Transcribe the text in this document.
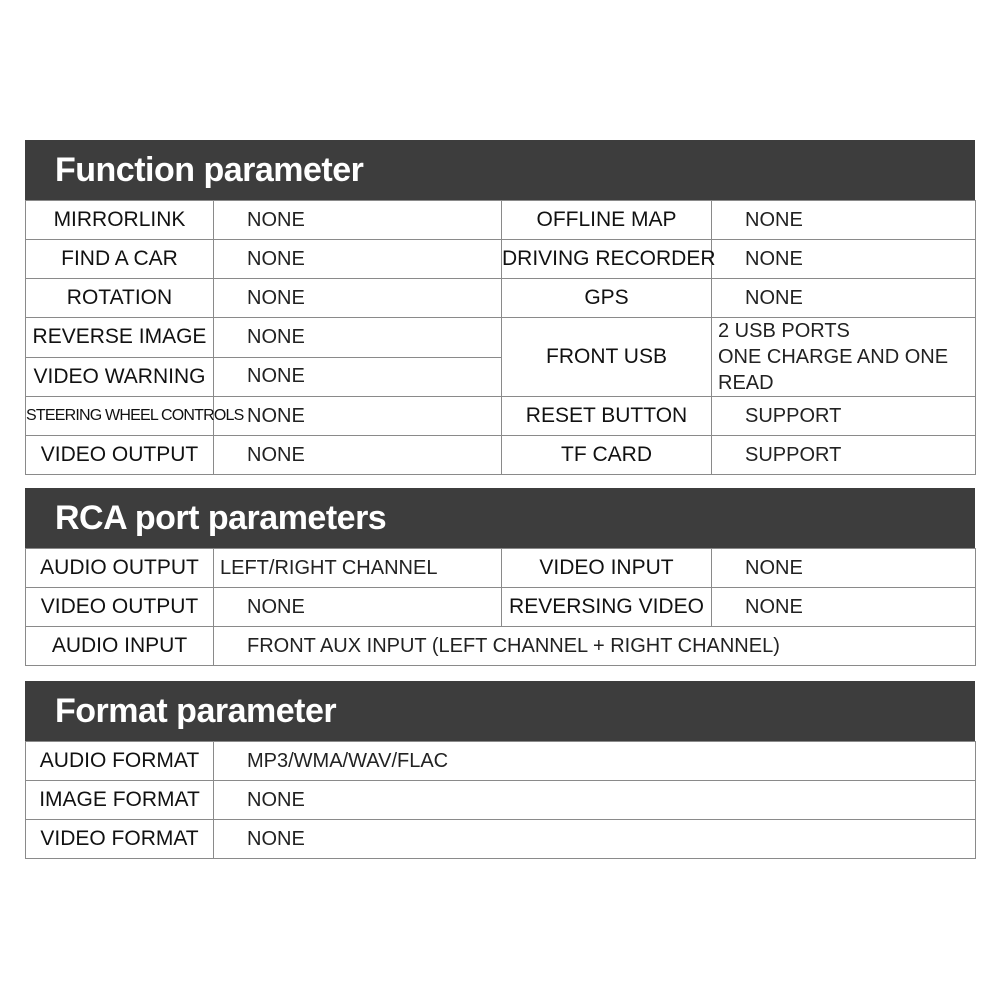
Function parameter
MIRRORLINK	NONE	OFFLINE MAP	NONE
FIND A CAR	NONE	DRIVING RECORDER	NONE
ROTATION	NONE	GPS	NONE
REVERSE IMAGE	NONE	FRONT USB	2 USB PORTS
ONE CHARGE AND ONE READ

VIDEO WARNING	NONE		
STEERING WHEEL CONTROLS	NONE	RESET BUTTON	SUPPORT
VIDEO OUTPUT	NONE	TF CARD	SUPPORT
RCA port parameters
AUDIO OUTPUT	LEFT/RIGHT CHANNEL	VIDEO INPUT	NONE
VIDEO OUTPUT	NONE	REVERSING VIDEO	NONE
AUDIO INPUT	FRONT AUX INPUT (LEFT CHANNEL + RIGHT CHANNEL)		
Format parameter
AUDIO FORMAT	MP3/WMA/WAV/FLAC
IMAGE FORMAT	NONE
VIDEO FORMAT	NONE
